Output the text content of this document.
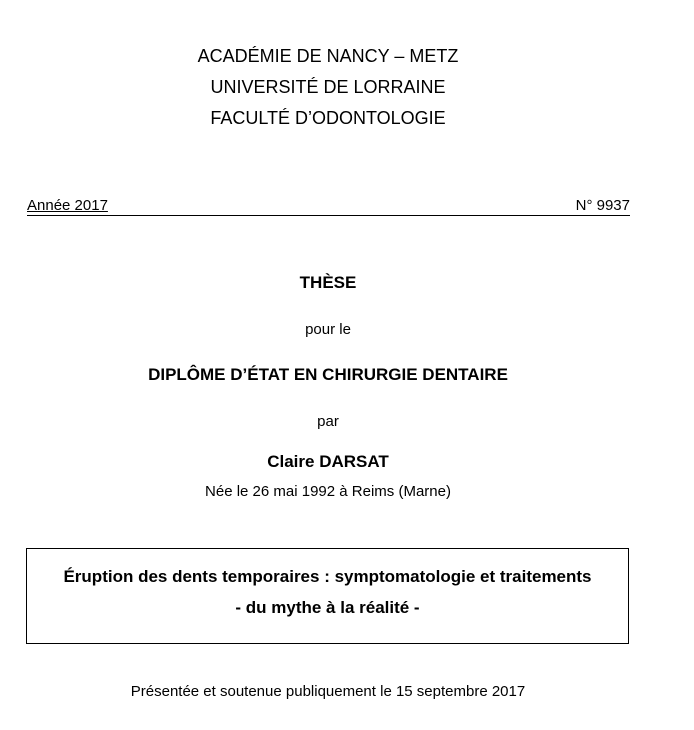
ACADÉMIE DE NANCY – METZ
UNIVERSITÉ DE LORRAINE
FACULTÉ D’ODONTOLOGIE
Année 2017	N° 9937
THÈSE
pour le
DIPLÔME D’ÉTAT EN CHIRURGIE DENTAIRE
par
Claire DARSAT
Née le 26 mai 1992 à Reims (Marne)
Éruption des dents temporaires : symptomatologie et traitements
- du mythe à la réalité -
Présentée et soutenue publiquement le 15 septembre 2017
